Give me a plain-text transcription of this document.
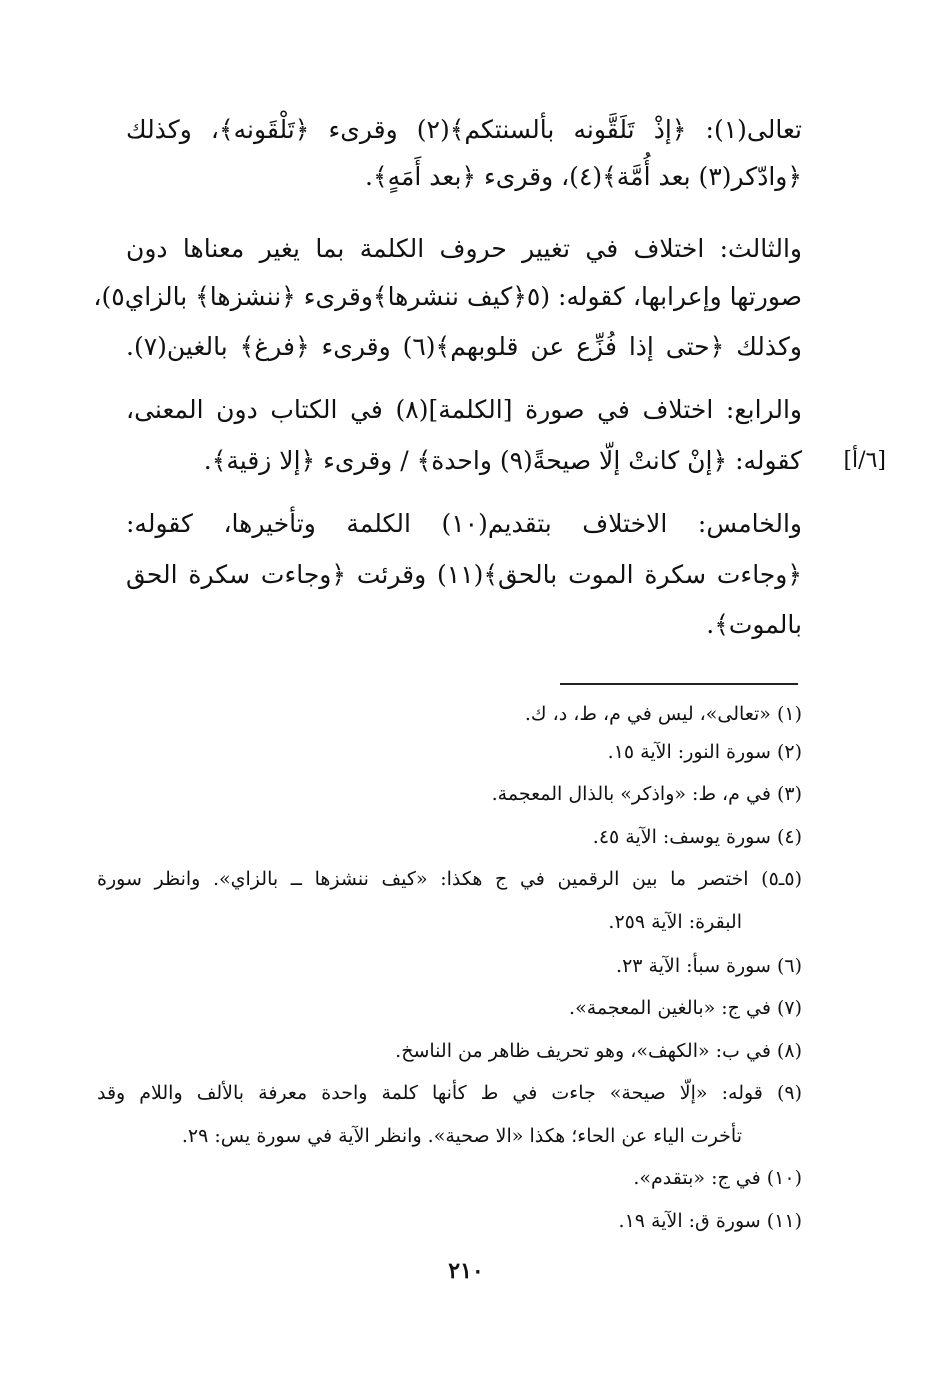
تعالى(١): ﴿إذْ تَلَقَّونه بألسنتكم﴾(٢) وقرىء ﴿تَلْقَونه﴾، وكذلك
﴿وادّكر(٣) بعد أُمَّة﴾(٤)، وقرىء ﴿بعد أَمَهٍ﴾.
والثالث: اختلاف في تغيير حروف الكلمة بما يغير معناها دون
صورتها وإعرابها، كقوله: (٥﴿كيف ننشرها﴾وقرىء ﴿ننشزها﴾ بالزاي٥)،
وكذلك ﴿حتى إذا فُزِّع عن قلوبهم﴾(٦) وقرىء ﴿فرغ﴾ بالغين(٧).
والرابع: اختلاف في صورة [الكلمة](٨) في الكتاب دون المعنى،
كقوله: ﴿إنْ كانتْ إلّا صيحةً(٩) واحدة﴾ / وقرىء ﴿إلا زقية﴾. [٦/أ]
والخامس: الاختلاف بتقديم(١٠) الكلمة وتأخيرها، كقوله:
﴿وجاءت سكرة الموت بالحق﴾(١١) وقرئت ﴿وجاءت سكرة الحق
بالموت﴾.
(١) «تعالى»، ليس في م، ط، د، ك.
(٢) سورة النور: الآية ١٥.
(٣) في م، ط: «واذكر» بالذال المعجمة.
(٤) سورة يوسف: الآية ٤٥.
(٥ـ٥) اختصر ما بين الرقمين في ج هكذا: «كيف ننشزها ــ بالزاي». وانظر سورة
البقرة: الآية ٢٥٩.
(٦) سورة سبأ: الآية ٢٣.
(٧) في ج: «بالغين المعجمة».
(٨) في ب: «الكهف»، وهو تحريف ظاهر من الناسخ.
(٩) قوله: «إلّا صيحة» جاءت في ط كأنها كلمة واحدة معرفة بالألف واللام وقد
تأخرت الياء عن الحاء؛ هكذا «الا صحية». وانظر الآية في سورة يس: ٢٩.
(١٠) في ج: «بتقدم».
(١١) سورة ق: الآية ١٩.
٢١٠
